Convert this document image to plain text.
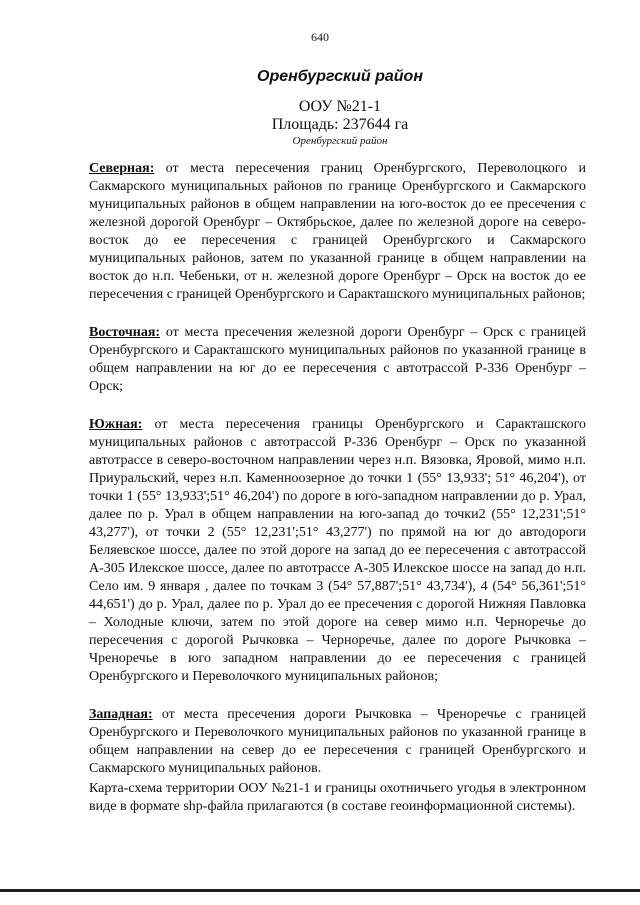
640
Оренбургский район
ООУ №21-1
Площадь: 237644 га
Оренбургский район

Северная: от места пересечения границ Оренбургского, Переволоцкого и Сакмарского муниципальных районов по границе Оренбургского и Сакмарского муниципальных районов в общем направлении на юго-восток до ее пресечения с железной дорогой Оренбург – Октябрьское, далее по железной дороге на северо-восток до ее пересечения с границей Оренбургского и Сакмарского муниципальных районов, затем по указанной границе в общем направлении на восток до н.п. Чебеньки, от н. железной дороге Оренбург – Орск на восток до ее пересечения с границей Оренбургского и Саракташского муниципальных районов;

Восточная: от места пресечения железной дороги Оренбург – Орск с границей Оренбургского и Саракташского муниципальных районов по указанной границе в общем направлении на юг до ее пересечения с автотрассой Р-336 Оренбург – Орск;

Южная: от места пересечения границы Оренбургского и Саракташского муниципальных районов с автотрассой Р-336 Оренбург – Орск по указанной автотрассе в северо-восточном направлении через н.п. Вязовка, Яровой, мимо н.п. Приуральский, через н.п. Каменноозерное до точки 1 (55° 13,933'; 51° 46,204'), от точки 1 (55° 13,933';51° 46,204') по дороге в юго-западном направлении до р. Урал, далее по р. Урал в общем направлении на юго-запад до точки2 (55° 12,231';51° 43,277'), от точки 2 (55° 12,231';51° 43,277') по прямой на юг до автодороги Беляевское шоссе, далее по этой дороге на запад до ее пересечения с автотрассой А-305 Илекское шоссе, далее по автотрассе А-305 Илекское шоссе на запад до н.п. Село им. 9 января , далее по точкам 3 (54° 57,887';51° 43,734'), 4 (54° 56,361';51° 44,651') до р. Урал, далее по р. Урал до ее пресечения с дорогой Нижняя Павловка – Холодные ключи, затем по этой дороге на север мимо н.п. Черноречье до пересечения с дорогой Рычковка – Черноречье, далее по дороге Рычковка – Чреноречье в юго западном направлении до ее пересечения с границей Оренбургского и Переволочкого муниципальных районов;

Западная: от места пресечения дороги Рычковка – Чреноречье с границей Оренбургского и Переволочкого муниципальных районов по указанной границе в общем направлении на север до ее пересечения с границей Оренбургского и Сакмарского муниципальных районов.

Карта-схема территории ООУ №21-1 и границы охотничьего угодья в электронном виде в формате shp-файла прилагаются (в составе геоинформационной системы).
